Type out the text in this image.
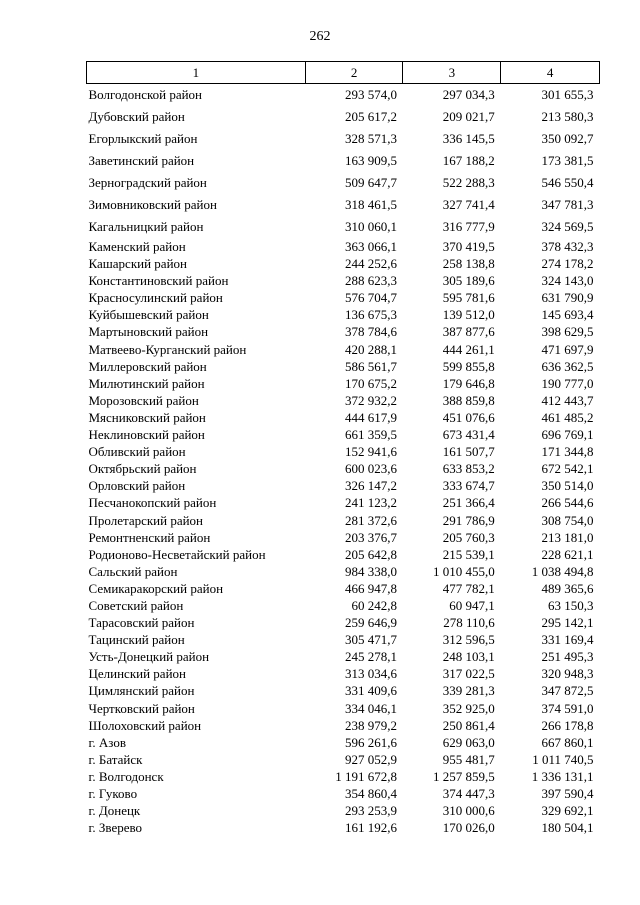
262
1	2	3	4
Волгодонской район	293 574,0	297 034,3	301 655,3
Дубовский район	205 617,2	209 021,7	213 580,3
Егорлыкский район	328 571,3	336 145,5	350 092,7
Заветинский район	163 909,5	167 188,2	173 381,5
Зерноградский район	509 647,7	522 288,3	546 550,4
Зимовниковский район	318 461,5	327 741,4	347 781,3
Кагальницкий район	310 060,1	316 777,9	324 569,5
Каменский район	363 066,1	370 419,5	378 432,3
Кашарский район	244 252,6	258 138,8	274 178,2
Константиновский район	288 623,3	305 189,6	324 143,0
Красносулинский район	576 704,7	595 781,6	631 790,9
Куйбышевский район	136 675,3	139 512,0	145 693,4
Мартыновский район	378 784,6	387 877,6	398 629,5
Матвеево-Курганский район	420 288,1	444 261,1	471 697,9
Миллеровский район	586 561,7	599 855,8	636 362,5
Милютинский район	170 675,2	179 646,8	190 777,0
Морозовский район	372 932,2	388 859,8	412 443,7
Мясниковский район	444 617,9	451 076,6	461 485,2
Неклиновский район	661 359,5	673 431,4	696 769,1
Обливский район	152 941,6	161 507,7	171 344,8
Октябрьский район	600 023,6	633 853,2	672 542,1
Орловский район	326 147,2	333 674,7	350 514,0
Песчанокопский район	241 123,2	251 366,4	266 544,6
Пролетарский район	281 372,6	291 786,9	308 754,0
Ремонтненский район	203 376,7	205 760,3	213 181,0
Родионово-Несветайский район	205 642,8	215 539,1	228 621,1
Сальский район	984 338,0	1 010 455,0	1 038 494,8
Семикаракорский район	466 947,8	477 782,1	489 365,6
Советский район	60 242,8	60 947,1	63 150,3
Тарасовский район	259 646,9	278 110,6	295 142,1
Тацинский район	305 471,7	312 596,5	331 169,4
Усть-Донецкий район	245 278,1	248 103,1	251 495,3
Целинский район	313 034,6	317 022,5	320 948,3
Цимлянский район	331 409,6	339 281,3	347 872,5
Чертковский район	334 046,1	352 925,0	374 591,0
Шолоховский район	238 979,2	250 861,4	266 178,8
г. Азов	596 261,6	629 063,0	667 860,1
г. Батайск	927 052,9	955 481,7	1 011 740,5
г. Волгодонск	1 191 672,8	1 257 859,5	1 336 131,1
г. Гуково	354 860,4	374 447,3	397 590,4
г. Донецк	293 253,9	310 000,6	329 692,1
г. Зверево	161 192,6	170 026,0	180 504,1
